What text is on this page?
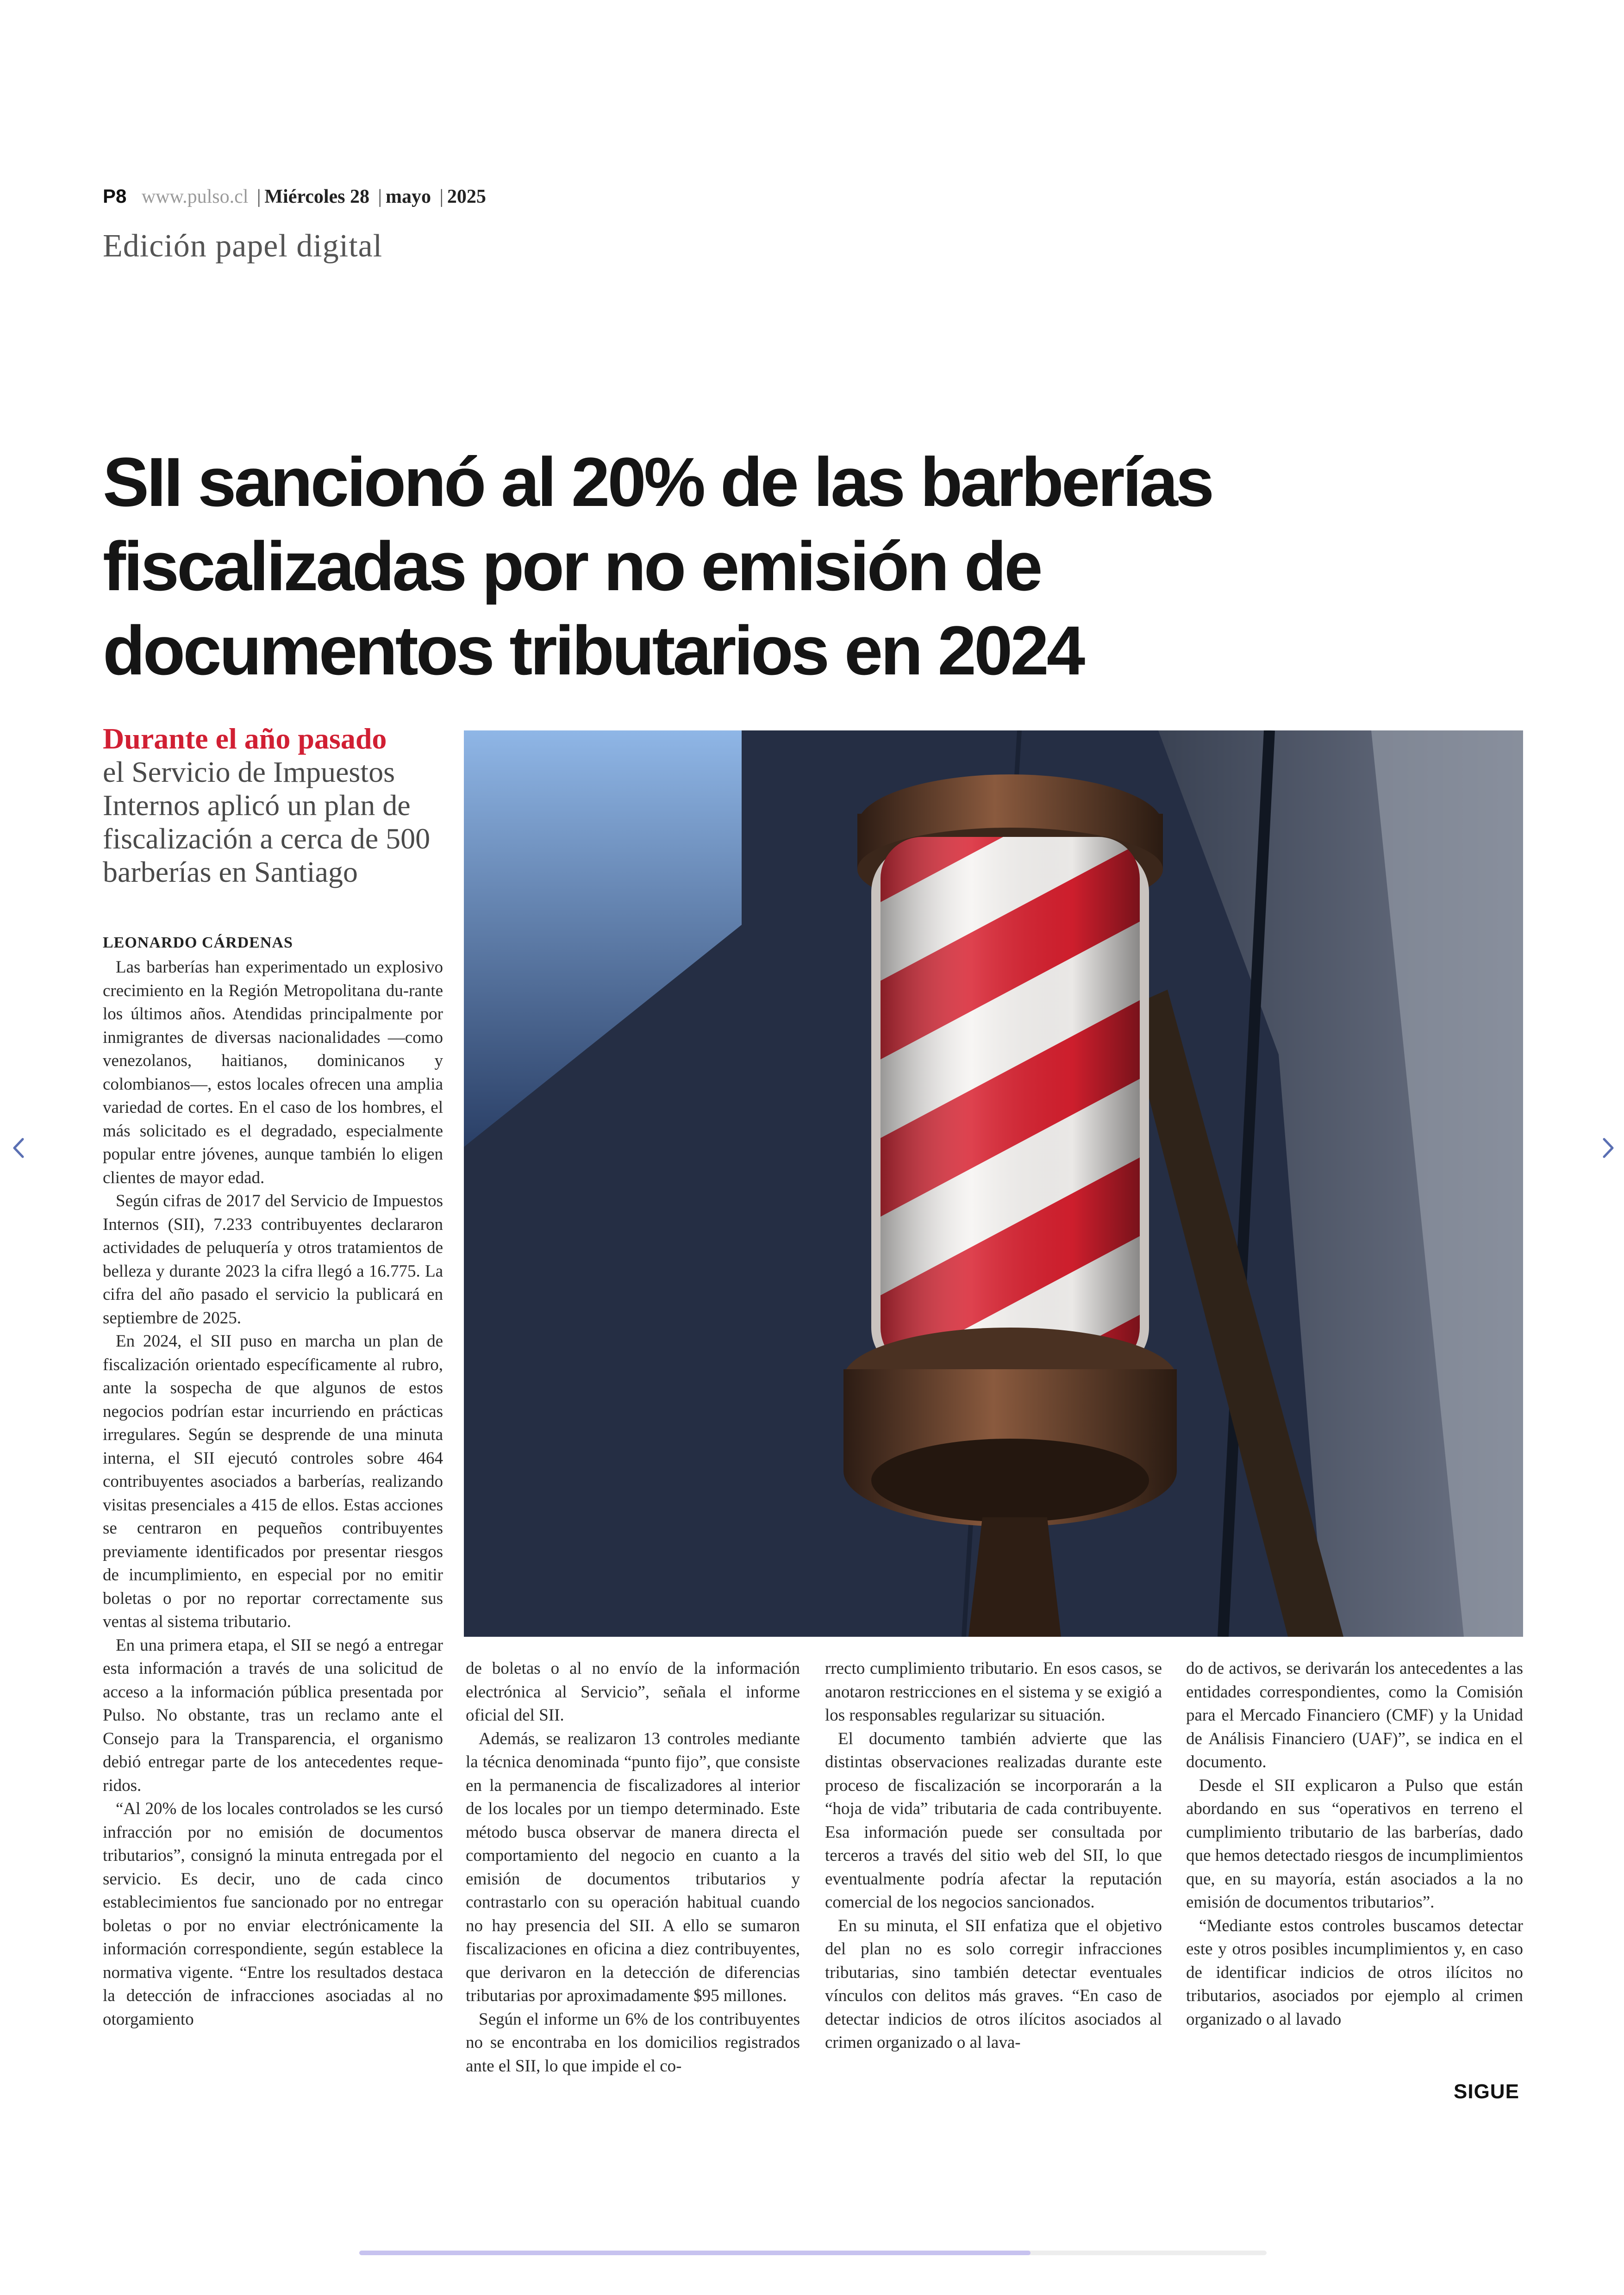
P8 www.pulso.cl | Miércoles 28 | mayo | 2025
Edición papel digital
SII sancionó al 20% de las barberías fiscalizadas por no emisión de documentos tributarios en 2024
Durante el año pasado
el Servicio de Impuestos Internos aplicó un plan de fiscalización a cerca de 500 barberías en Santiago
LEONARDO CÁRDENAS

Las barberías han experimentado un explosivo crecimiento en la Región Metropolitana du-rante los últimos años. Atendidas principalmente por inmigrantes de diversas nacionalidades —como venezolanos, haitianos, dominicanos y colombianos—, estos locales ofrecen una amplia variedad de cortes. En el caso de los hombres, el más solicitado es el degradado, especialmente popular entre jóvenes, aunque también lo eligen clientes de mayor edad.

Según cifras de 2017 del Servicio de Impuestos Internos (SII), 7.233 contribuyentes declararon actividades de peluquería y otros tratamientos de belleza y durante 2023 la cifra llegó a 16.775. La cifra del año pasado el servicio la publicará en septiembre de 2025.

En 2024, el SII puso en marcha un plan de fiscalización orientado específicamente al rubro, ante la sospecha de que algunos de estos negocios podrían estar incurriendo en prácticas irregulares. Según se desprende de una minuta interna, el SII ejecutó controles sobre 464 contribuyentes asociados a barberías, realizando visitas presenciales a 415 de ellos. Estas acciones se centraron en pequeños contribuyentes previamente identificados por presentar riesgos de incumplimiento, en especial por no emitir boletas o por no reportar correctamente sus ventas al sistema tributario.

En una primera etapa, el SII se negó a entregar esta información a través de una solicitud de acceso a la información pública presentada por Pulso. No obstante, tras un reclamo ante el Consejo para la Transparencia, el organismo debió entregar parte de los antecedentes reque-ridos.

“Al 20% de los locales controlados se les cursó infracción por no emisión de documentos tributarios”, consignó la minuta entregada por el servicio. Es decir, uno de cada cinco establecimientos fue sancionado por no entregar boletas o por no enviar electrónicamente la información correspondiente, según establece la normativa vigente. “Entre los resultados destaca la detección de infracciones asociadas al no otorgamiento

de boletas o al no envío de la información electrónica al Servicio”, señala el informe oficial del SII.

Además, se realizaron 13 controles mediante la técnica denominada “punto fijo”, que consiste en la permanencia de fiscalizadores al interior de los locales por un tiempo determinado. Este método busca observar de manera directa el comportamiento del negocio en cuanto a la emisión de documentos tributarios y contrastarlo con su operación habitual cuando no hay presencia del SII. A ello se sumaron fiscalizaciones en oficina a diez contribuyentes, que derivaron en la detección de diferencias tributarias por aproximadamente $95 millones.

Según el informe un 6% de los contribuyentes no se encontraba en los domicilios registrados ante el SII, lo que impide el co-

rrecto cumplimiento tributario. En esos casos, se anotaron restricciones en el sistema y se exigió a los responsables regularizar su situación.

El documento también advierte que las distintas observaciones realizadas durante este proceso de fiscalización se incorporarán a la “hoja de vida” tributaria de cada contribuyente. Esa información puede ser consultada por terceros a través del sitio web del SII, lo que eventualmente podría afectar la reputación comercial de los negocios sancionados.

En su minuta, el SII enfatiza que el objetivo del plan no es solo corregir infracciones tributarias, sino también detectar eventuales vínculos con delitos más graves. “En caso de detectar indicios de otros ilícitos asociados al crimen organizado o al lava-

do de activos, se derivarán los antecedentes a las entidades correspondientes, como la Comisión para el Mercado Financiero (CMF) y la Unidad de Análisis Financiero (UAF)”, se indica en el documento.

Desde el SII explicaron a Pulso que están abordando en sus “operativos en terreno el cumplimiento tributario de las barberías, dado que hemos detectado riesgos de incumplimientos que, en su mayoría, están asociados a la no emisión de documentos tributarios”.

“Mediante estos controles buscamos detectar este y otros posibles incumplimientos y, en caso de identificar indicios de otros ilícitos no tributarios, asociados por ejemplo al crimen organizado o al lavado

SIGUE
